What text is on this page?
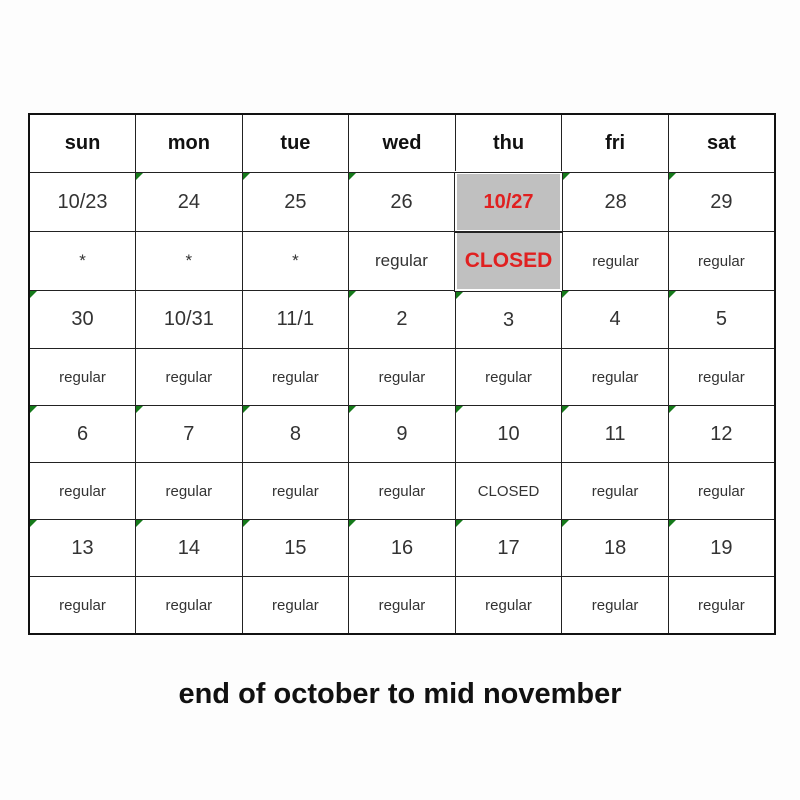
sun	mon	tue	wed	thu	fri	sat
10/23	24	25	26	10/27	28	29
*	*	*	regular	CLOSED	regular	regular

30	10/31	11/1	2	3	4	5
regular	regular	regular	regular	regular	regular	regular

6	7	8	9	10	11	12
regular	regular	regular	regular	CLOSED	regular	regular

13	14	15	16	17	18	19
regular	regular	regular	regular	regular	regular	regular
end of october to mid november
